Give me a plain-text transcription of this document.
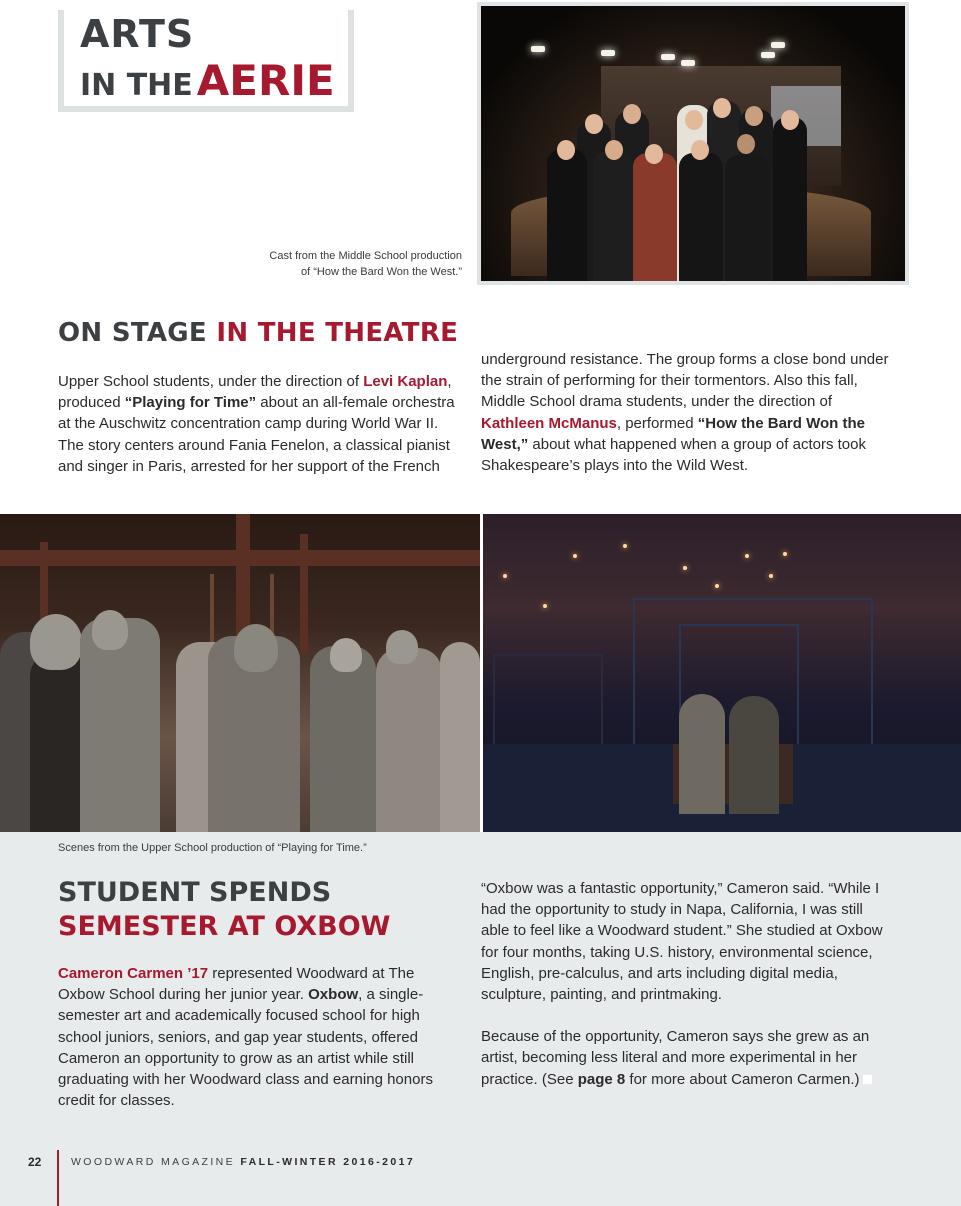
ARTS
IN THEAERIE
Cast from the Middle School production
of “How the Bard Won the West.”
ON STAGE IN THE THEATRE
Upper School students, under the direction of Levi Kaplan, produced “Playing for Time” about an all-female orchestra at the Auschwitz concentration camp during World War II. The story centers around Fania Fenelon, a classical pianist and singer in Paris, arrested for her support of the French
underground resistance. The group forms a close bond under the strain of performing for their tormentors. Also this fall, Middle School drama students, under the direction of Kathleen McManus, performed “How the Bard Won the West,” about what happened when a group of actors took Shakespeare’s plays into the Wild West.
Scenes from the Upper School production of “Playing for Time.”
STUDENT SPENDS
SEMESTER AT OXBOW
Cameron Carmen ’17 represented Woodward at The Oxbow School during her junior year. Oxbow, a single-semester art and academically focused school for high school juniors, seniors, and gap year students, offered Cameron an opportunity to grow as an artist while still graduating with her Woodward class and earning honors credit for classes.
“Oxbow was a fantastic opportunity,” Cameron said. “While I had the opportunity to study in Napa, California, I was still able to feel like a Woodward student.” She studied at Oxbow for four months, taking U.S. history, environmental science, English, pre-calculus, and arts including digital media, sculpture, painting, and printmaking.
Because of the opportunity, Cameron says she grew as an artist, becoming less literal and more experimental in her practice. (See page 8 for more about Cameron Carmen.)
22	WOODWARD MAGAZINE FALL-WINTER 2016-2017
